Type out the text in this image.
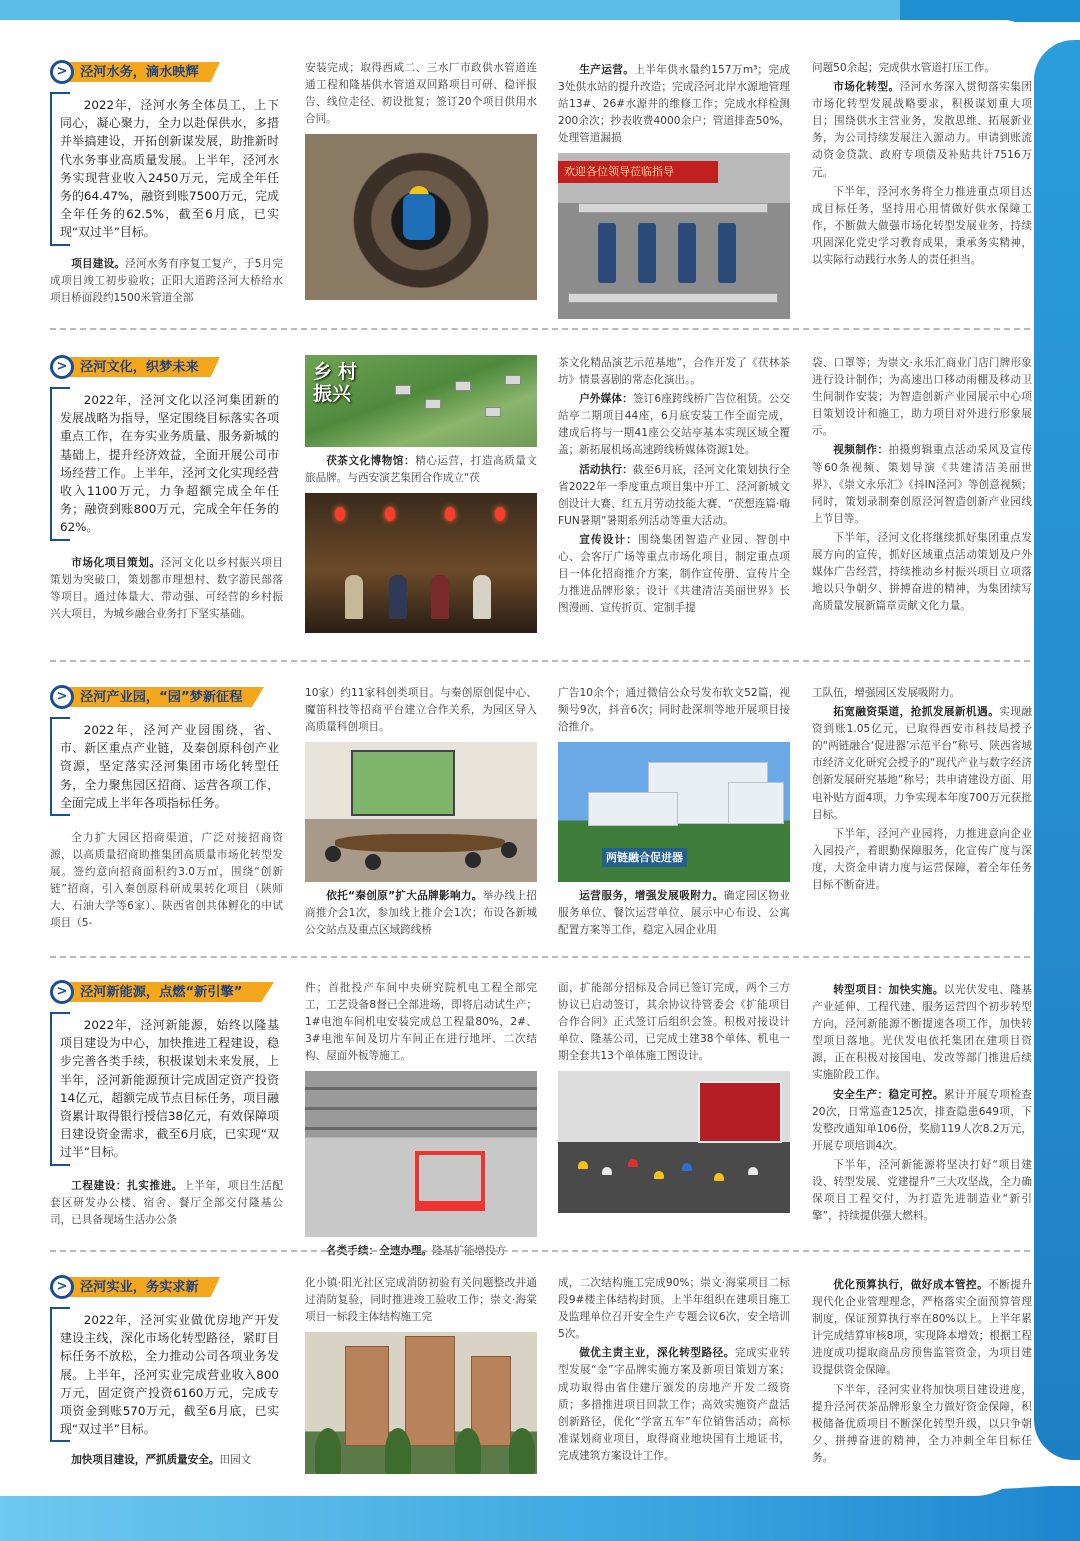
> 泾河水务，滴水映辉
2022年，泾河水务全体员工，上下同心，凝心聚力，全力以赴保供水，多措并举搞建设，开拓创新谋发展，助推新时代水务事业高质量发展。上半年，泾河水务实现营业收入2450万元，完成全年任务的64.47%，融资到账7500万元，完成全年任务的62.5%，截至6月底，已实现“双过半”目标。
项目建设。泾河水务有序复工复产，于5月完成项目竣工初步验收；正阳大道跨泾河大桥给水项目桥面段约1500米管道全部
安装完成；取得西咸二、三水厂市政供水管道连通工程和隆基供水管道双回路项目可研、稳评报告、线位走径、初设批复；签订20个项目供用水合同。
生产运营。上半年供水量约157万m³；完成3处供水站的提升改造；完成泾河北岸水源地管理站13#、26#水源井的维修工作；完成水样检测200余次；抄表收费4000余户；管道排查50%，处理管道漏损
欢迎各位领导莅临指导
问题50余起；完成供水管道打压工作。
市场化转型。泾河水务深入贯彻落实集团市场化转型发展战略要求，积极谋划重大项目；围绕供水主营业务，发散思维、拓展新业务，为公司持续发展注入源动力。申请到账流动资金贷款、政府专项债及补贴共计7516万元。
下半年，泾河水务将全力推进重点项目达成目标任务，坚持用心用情做好供水保障工作，不断做大做强市场化转型发展业务，持续巩固深化党史学习教育成果，秉承务实精神，以实际行动践行水务人的责任担当。
> 泾河文化，织梦未来
2022年，泾河文化以泾河集团新的发展战略为指导，坚定围绕目标落实各项重点工作，在夯实业务质量、服务新城的基础上，提升经济效益，全面开展公司市场经营工作。上半年，泾河文化实现经营收入1100万元，力争超额完成全年任务；融资到账800万元，完成全年任务的62%。
市场化项目策划。泾河文化以乡村振兴项目策划为突破口，策划都市理想村、数字游民部落等项目。通过体量大、带动强、可经营的乡村振兴大项目，为城乡融合业务打下坚实基础。
乡村振兴
茯茶文化博物馆：精心运营，打造高质量文旅品牌。与西安演艺集团合作成立“茯
茶文化精品演艺示范基地”，合作开发了《茯林茶坊》情景喜剧的常态化演出。。
户外媒体：签订6座跨线桥广告位租赁。公交站亭二期项目44座，6月底安装工作全面完成，建成后将与一期41座公交站亭基本实现区域全覆盖；新拓展机场高速跨线桥媒体资源1处。
活动执行：截至6月底，泾河文化策划执行全省2022年一季度重点项目集中开工、泾河新城文创设计大赛、红五月劳动技能大赛、“茯想连篇·嗨FUN暑期”暑期系列活动等重大活动。
宣传设计：围绕集团智造产业园、智创中心、会客厅广场等重点市场化项目，制定重点项目一体化招商推介方案，制作宣传册、宣传片全力推进品牌形象；设计《共建清洁美丽世界》长图漫画、宣传折页、定制手提
袋、口罩等；为崇文·永乐汇商业门店门牌形象进行设计制作；为高速出口移动雨棚及移动卫生间制作安装；为智造创新产业园展示中心项目策划设计和施工，助力项目对外进行形象展示。
视频制作：拍摄剪辑重点活动采风及宣传等60条视频、策划导演《共建清洁美丽世界》、《崇文永乐汇》《抖IN泾河》等创意视频；同时，策划录制秦创原泾河智造创新产业园线上节目等。
下半年，泾河文化将继续抓好集团重点发展方向的宣传，抓好区域重点活动策划及户外媒体广告经营，持续推动乡村振兴项目立项落地以只争朝夕、拼搏奋进的精神，为集团续写高质量发展新篇章贡献文化力量。
> 泾河产业园，“园”梦新征程
2022年，泾河产业园围绕，省、市、新区重点产业链，及秦创原科创产业资源，坚定落实泾河集团市场化转型任务，全力聚焦园区招商、运营各项工作，全面完成上半年各项指标任务。
全力扩大园区招商渠道，广泛对接招商资源，以高质量招商助推集团高质量市场化转型发展。签约意向招商面积约3.0万㎡，围绕“创新链”招商，引入秦创原科研成果转化项目（陕师大、石油大学等6家）、陕西省创共体孵化的中试项目（5-
10家）约11家科创类项目。与秦创原创促中心、魔笛科技等招商平台建立合作关系，为园区导入高质量科创项目。
依托“秦创原”扩大品牌影响力。举办线上招商推介会1次，参加线上推介会1次；布设各新城公交站点及重点区域跨线桥
广告10余个；通过微信公众号发布软文52篇，视频号9次，抖音6次；同时赴深圳等地开展项目接洽推介。
两链融合促进器
运营服务，增强发展吸附力。确定园区物业服务单位、餐饮运营单位、展示中心布设、公寓配置方案等工作，稳定入园企业用
工队伍，增强园区发展吸附力。
拓宽融资渠道，抢抓发展新机遇。实现融资到账1.05亿元，已取得西安市科技局授予的“两链融合‘促进器’示范平台”称号、陕西省城市经济文化研究会授予的“现代产业与数字经济创新发展研究基地”称号；共申请建设方面、用电补贴方面4项，力争实现本年度700万元获批目标。
下半年，泾河产业园将，力推进意向企业入园投产，着眼勤保障服务，化宣传广度与深度，大资金申请力度与运营保障，着全年任务目标不断奋进。
> 泾河新能源，点燃“新引擎”
2022年，泾河新能源，始终以隆基项目建设为中心，加快推进工程建设，稳步完善各类手续，积极谋划未来发展，上半年，泾河新能源预计完成固定资产投资14亿元，超额完成节点目标任务，项目融资累计取得银行授信38亿元，有效保障项目建设资金需求，截至6月底，已实现“双过半”目标。
工程建设：扎实推进。上半年，项目生活配套区研发办公楼、宿舍、餐厅全部交付隆基公司，已具备现场生活办公条
件；首批投产车间中央研究院机电工程全部完工，工艺设备8督已全部进场，即将启动试生产；1#电池车间机电安装完成总工程量80%，2#、3#电池车间及切片车间正在进行地坪、二次结构、屋面外板等施工。
各类手续：全速办理。隆基扩能增投方
面，扩能部分招标及合同已签订完成，两个三方协议已启动签订，其余协议待管委会《扩能项目合作合同》正式签订后组织会签。积极对接设计单位、隆基公司，已完成土建38个单体、机电一期全套共13个单体施工图设计。
转型项目：加快实施。以光伏发电、隆基产业延伸、工程代建、服务运营四个初步转型方向，泾河新能源不断提速各项工作，加快转型项目落地。光伏发电依托集团在建项目资源，正在积极对接国电、发改等部门推进后续实施阶段工作。
安全生产：稳定可控。累计开展专项检查20次，日常巡查125次，排查隐患649项，下发整改通知单106份，奖励119人次8.2万元，开展专项培训4次。
下半年，泾河新能源将坚决打好“项目建设、转型发展、党建提升”三大攻坚战，全力确保项目工程交付，为打造先进制造业“新引擎”，持续提供强大燃料。
> 泾河实业，务实求新
2022年，泾河实业做优房地产开发建设主线，深化市场化转型路径，紧盯目标任务不放松，全力推动公司各项业务发展。上半年，泾河实业完成营业收入800万元，固定资产投资6160万元，完成专项资金到账570万元，截至6月底，已实现“双过半”目标。
加快项目建设，严抓质量安全。田园文
化小镇·阳光社区完成消防初验有关问题整改并通过消防复验，同时推进竣工验收工作；崇文·海棠项目一标段主体结构施工完
成，二次结构施工完成90%；崇文·海棠项目二标段9#楼主体结构封顶。上半年组织在建项目施工及监理单位召开安全生产专题会议6次，安全培训5次。
做优主责主业，深化转型路径。完成实业转型发展“金”字品牌实施方案及新项目策划方案；成功取得由省住建厅颁发的房地产开发二级资质；多措推进项目回款工作；高效实施资产盘活创新路径，优化“学富五车”车位销售活动；高标准谋划商业项目，取得商业地块国有土地证书，完成建筑方案设计工作。
优化预算执行，做好成本管控。不断提升现代化企业管理理念，严格落实全面预算管理制度，保证预算执行率在80%以上。上半年累计完成结算审核8项，实现降本增效；根据工程进度成功提取商品房预售监管资金，为项目建设提供资金保障。
下半年，泾河实业将加快项目建设进度，提升泾河茯茶品牌形象全力做好资金保障，积极储备优质项目不断深化转型升级，以只争朝夕、拼搏奋进的精神，全力冲刺全年目标任务。
